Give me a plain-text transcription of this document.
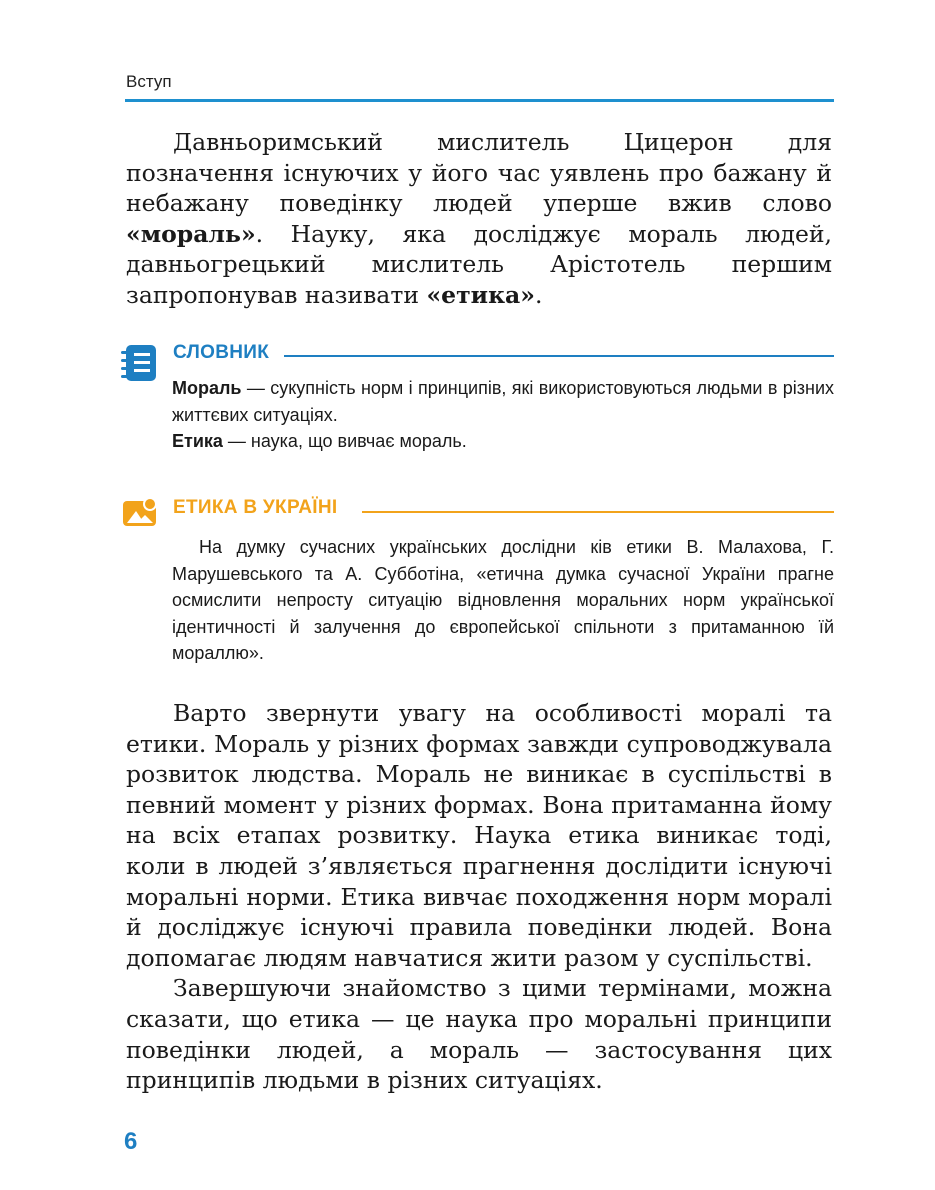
Вступ

Давньоримський мислитель Цицерон для позначення існуючих у його час уявлень про бажану й небажану поведінку людей уперше вжив слово «мораль». Науку, яка досліджує мораль людей, давньогрецький мислитель Арістотель першим запропонував називати «етика».

СЛОВНИК

Мораль — сукупність норм і принципів, які використовуються людьми в різних життєвих ситуаціях.

Етика — наука, що вивчає мораль.

ЕТИКА В УКРАЇНІ

На думку сучасних українських дослідни ків етики В. Малахова, Г. Марушевського та А. Субботіна, «етична думка сучасної України прагне осмислити непросту ситуацію відновлення моральних норм української ідентичності й залучення до європейської спільноти з притаманною їй мораллю».

Варто звернути увагу на особливості моралі та етики. Мораль у різних формах завжди супроводжувала розвиток людства. Мораль не виникає в суспільстві в певний момент у різних формах. Вона притаманна йому на всіх етапах розвитку. Наука етика виникає тоді, коли в людей з’являється прагнення дослідити існуючі моральні норми. Етика вивчає походження норм моралі й досліджує існуючі правила поведінки людей. Вона допомагає людям навчатися жити разом у суспільстві.

Завершуючи знайомство з цими термінами, можна сказати, що етика — це наука про моральні принципи поведінки людей, а мораль — застосування цих принципів людьми в різних ситуаціях.

6
